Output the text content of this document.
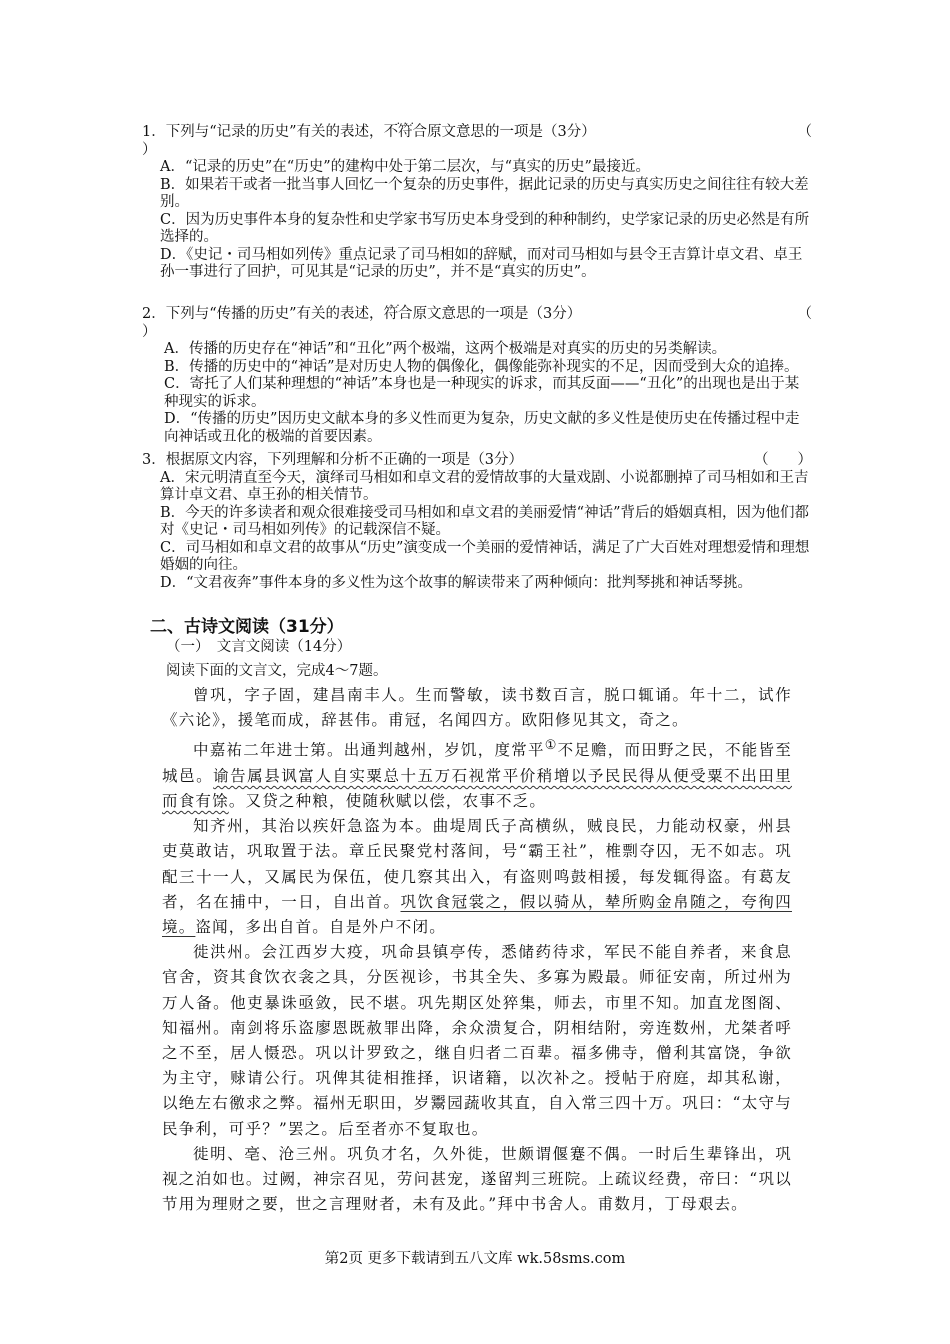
1．下列与“记录的历史”有关的表述，不符合 · · ·原文意思的一项是（3分）	（
）
A．“记录的历史”在“历史”的建构中处于第二层次，与“真实的历史”最接近。
B．如果若干或者一批当事人回忆一个复杂的历史事件，据此记录的历史与真实历史之间往往有较大差别。
C．因为历史事件本身的复杂性和史学家书写历史本身受到的种种制约，史学家记录的历史必然是有所选择的。
D．《史记・司马相如列传》重点记录了司马相如的辞赋，而对司马相如与县令王吉算计卓文君、卓王孙一事进行了回护，可见其是“记录的历史”，并不是“真实的历史”。
2．下列与“传播的历史”有关的表述，符合 · · ·原文意思的一项是（3分）	（
）
A．传播的历史存在“神话”和“丑化”两个极端，这两个极端是对真实的历史的另类解读。
B．传播的历史中的“神话”是对历史人物的偶像化，偶像能弥补现实的不足，因而受到大众的追捧。
C．寄托了人们某种理想的“神话”本身也是一种现实的诉求，而其反面——“丑化”的出现也是出于某种现实的诉求。
D．“传播的历史”因历史文献本身的多义性而更为复杂，历史文献的多义性是使历史在传播过程中走向神话或丑化的极端的首要因素。
3．根据原文内容，下列理解和分析不正确的一项是（3分）	（　　）
A．宋元明清直至今天，演绎司马相如和卓文君的爱情故事的大量戏剧、小说都删掉了司马相如和王吉算计卓文君、卓王孙的相关情节。
B．今天的许多读者和观众很难接受司马相如和卓文君的美丽爱情“神话”背后的婚姻真相，因为他们都对《史记・司马相如列传》的记载深信不疑。
C．司马相如和卓文君的故事从“历史”演变成一个美丽的爱情神话，满足了广大百姓对理想爱情和理想婚姻的向往。
D．“文君夜奔”事件本身的多义性为这个故事的解读带来了两种倾向：批判琴挑和神话琴挑。
二、古诗文阅读（31分）
（一）　文言文阅读（14分）
阅读下面的文言文，完成4～7题。

曾巩，字子固，建昌南丰人。生而警敏，读书数百言，脱口辄诵。年十二，试作《六论》，援笔而成，辞甚伟。甫冠，名闻四方。欧阳修见其文，奇之。

中嘉祐二年进士第。出通判越州，岁饥，度常平①不足赡，而田野之民，不能皆至城邑。谕告属县讽富人自实粟总十五万石视常平价稍增以予民民得从便受粟不出田里而食有馀。又贷之种粮，使随秋赋以偿，农事不乏。

知齐州，其治以疾奸急盗为本。曲堤周氏子高横纵，贼良民，力能动权豪，州县吏莫敢诘，巩取置于法。章丘民聚党村落间，号“霸王社”，椎剽夺囚，无不如志。巩配三十一人，又属民为保伍，使几察其出入，有盗则鸣鼓相援，每发辄得盗。有葛友者，名在捕中，一日，自出首。巩饮食冠裳之，假以骑从，辇所购金帛随之，夸徇四境。盗闻，多出自首。自是外户不闭。

徙洪州。会江西岁大疫，巩命县镇亭传，悉储药待求，军民不能自养者，来食息官舍，资其食饮衣衾之具，分医视诊，书其全失、多寡为殿最。师征安南，所过州为万人备。他吏暴诛亟敛，民不堪。巩先期区处猝集，师去，市里不知。加直龙图阁、知福州。南剑将乐盗廖恩既赦罪出降，余众溃复合，阴相结附，旁连数州，尤桀者呼之不至，居人慑恐。巩以计罗致之，继自归者二百辈。福多佛寺，僧利其富饶，争欲为主守，赇请公行。巩俾其徒相推择，识诸籍，以次补之。授帖于府庭，却其私谢，以绝左右徼求之弊。福州无职田，岁鬻园蔬收其直，自入常三四十万。巩曰：“太守与民争利，可乎？”罢之。后至者亦不复取也。

徙明、亳、沧三州。巩负才名，久外徙，世颇谓偃蹇不偶。一时后生辈锋出，巩视之泊如也。过阙，神宗召见，劳问甚宠，遂留判三班院。上疏议经费，帝曰：“巩以节用为理财之要，世之言理财者，未有及此。”拜中书舍人。甫数月，丁母艰去。

第2页 更多下载请到五八文库 wk.58sms.com
